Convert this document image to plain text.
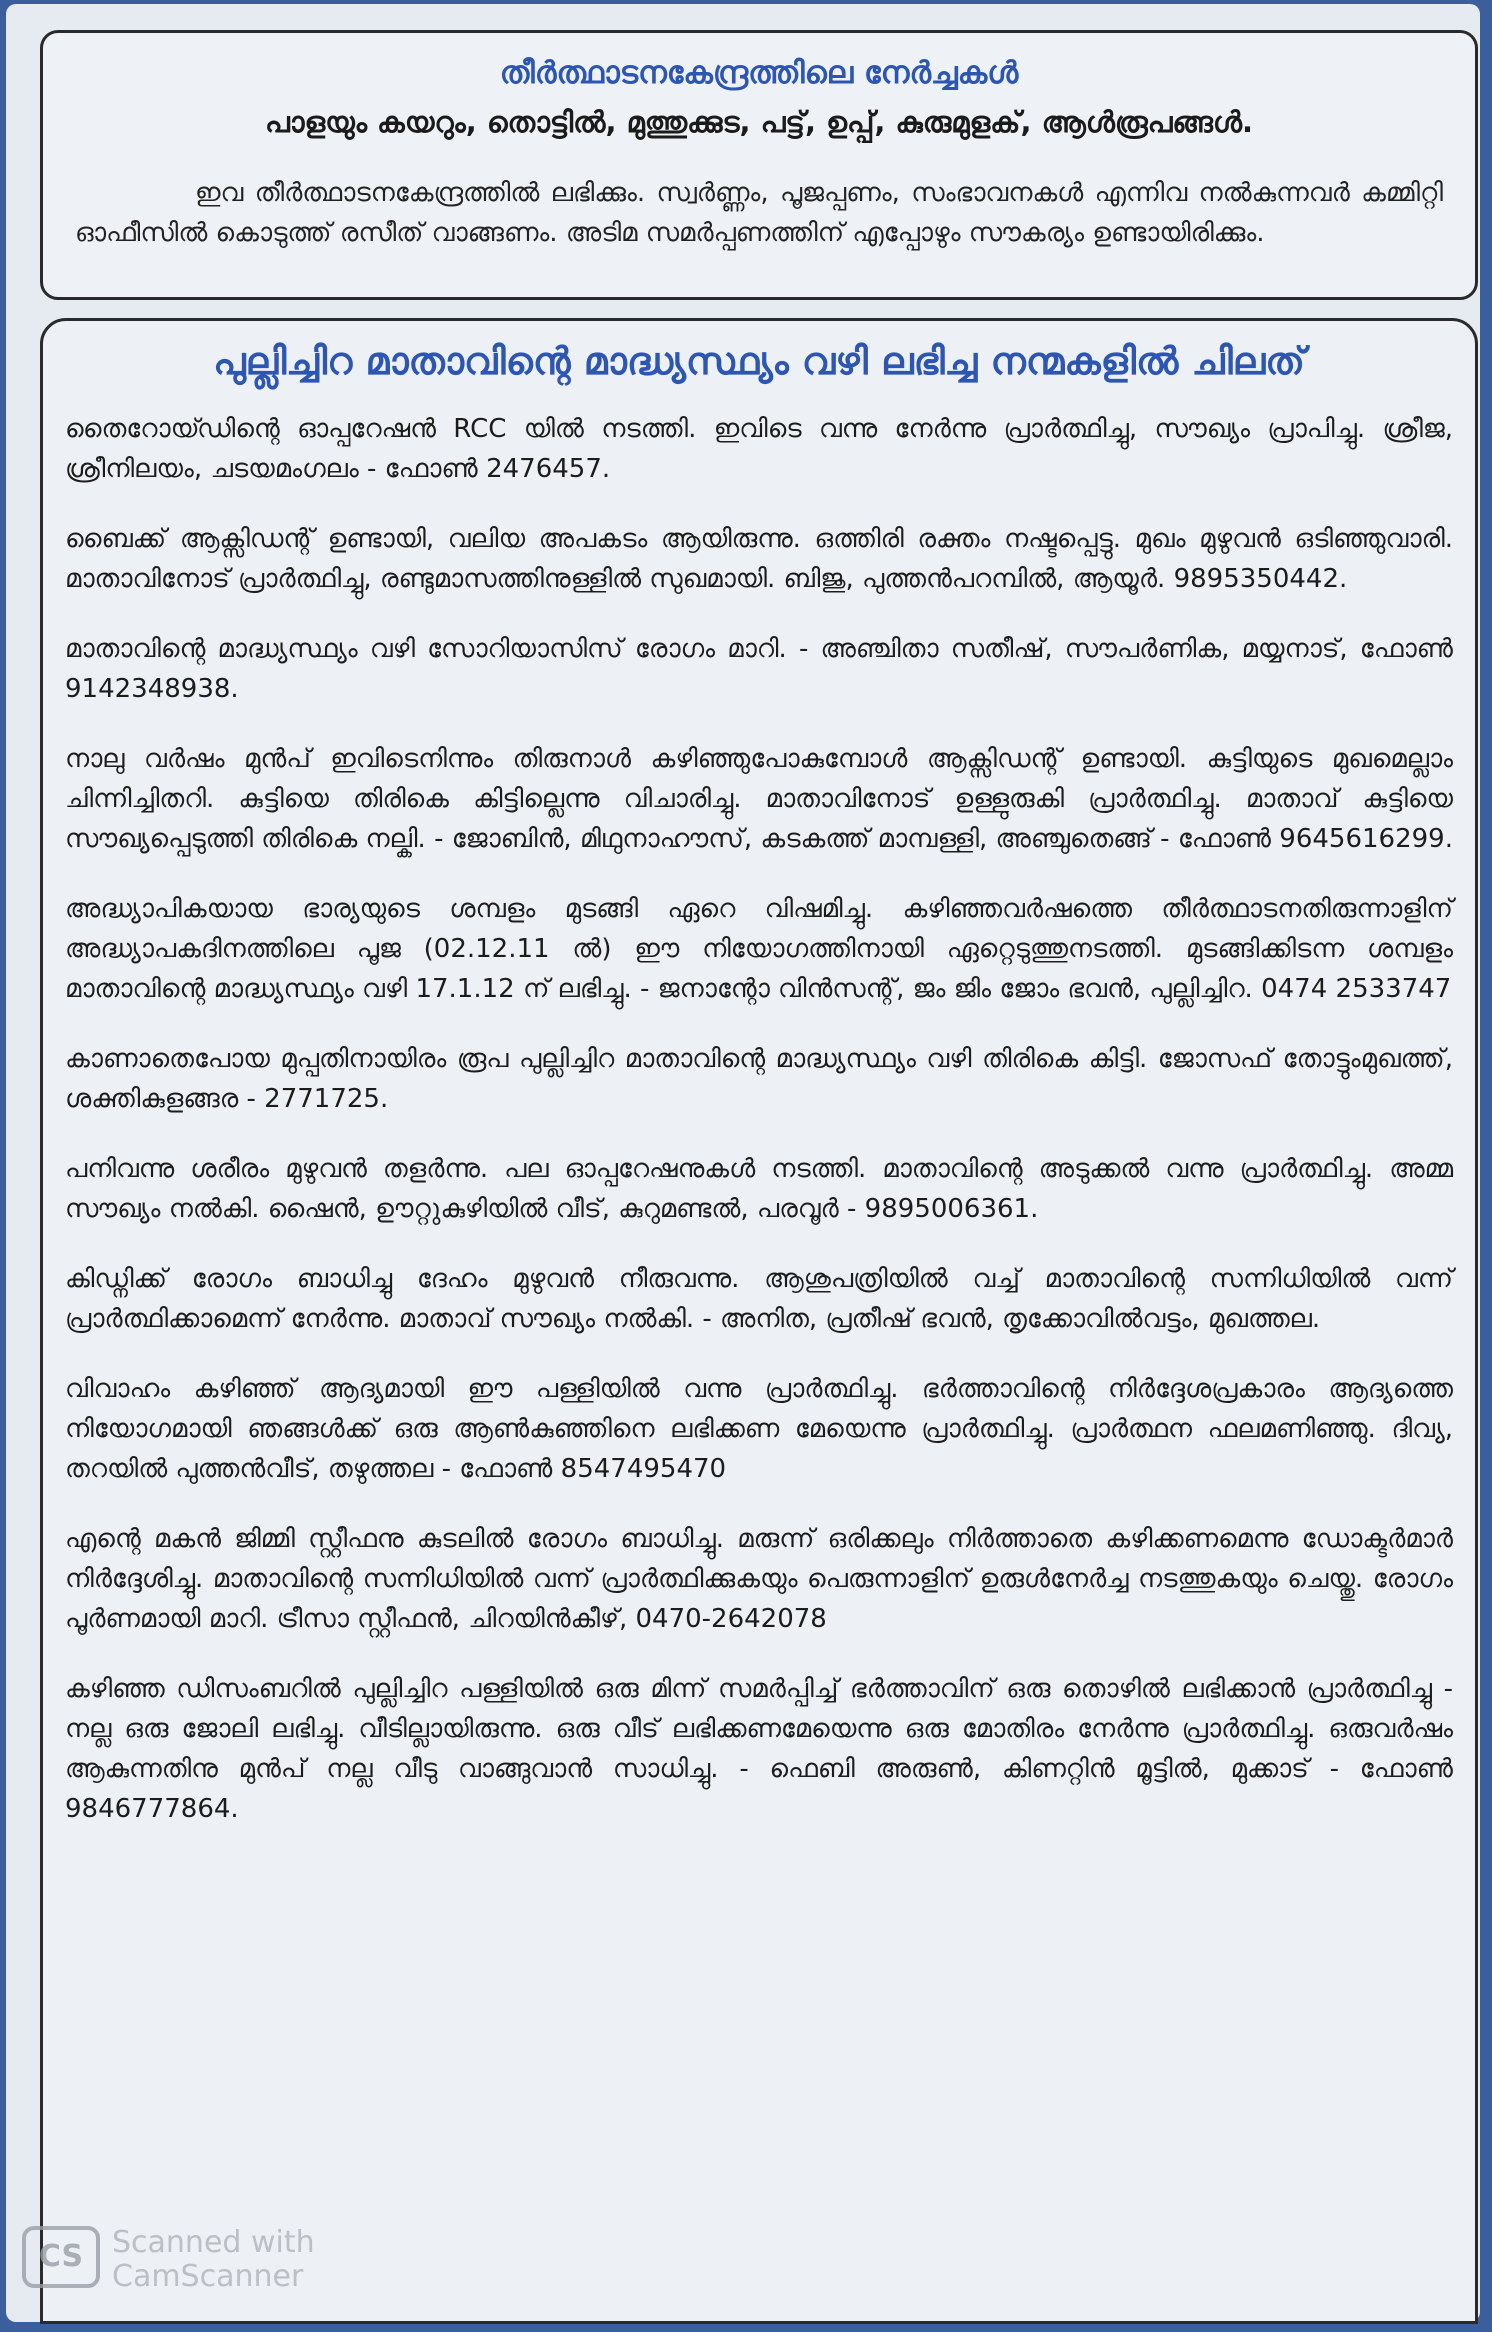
തീർത്ഥാടനകേന്ദ്രത്തിലെ നേർച്ചകൾ
പാളയും കയറും, തൊട്ടിൽ, മുത്തുക്കുട, പട്ട്, ഉപ്പ്, കുരുമുളക്, ആൾരൂപങ്ങൾ.
ഇവ തീർത്ഥാടനകേന്ദ്രത്തിൽ ലഭിക്കും. സ്വർണ്ണം, പൂജപ്പണം, സംഭാവനകൾ എന്നിവ നൽകുന്നവർ കമ്മിറ്റി ഓഫീസിൽ കൊടുത്ത് രസീത് വാങ്ങണം. അടിമ സമർപ്പണത്തിന് എപ്പോഴും സൗകര്യം ഉണ്ടായിരിക്കും.
പുല്ലിച്ചിറ മാതാവിന്റെ മാദ്ധ്യസ്ഥ്യം വഴി ലഭിച്ച നന്മകളിൽ ചിലത്

തൈറോയ്ഡിന്റെ ഓപ്പറേഷൻ RCC യിൽ നടത്തി. ഇവിടെ വന്നു നേർന്നു പ്രാർത്ഥിച്ചു, സൗഖ്യം പ്രാപിച്ചു. ശ്രീജ, ശ്രീനിലയം, ചടയമംഗലം - ഫോൺ 2476457.

ബൈക്ക് ആക്സിഡന്റ് ഉണ്ടായി, വലിയ അപകടം ആയിരുന്നു. ഒത്തിരി രക്തം നഷ്ടപ്പെട്ടു. മുഖം മുഴുവൻ ഒടിഞ്ഞുവാരി. മാതാവിനോട് പ്രാർത്ഥിച്ചു, രണ്ടുമാസത്തിനുള്ളിൽ സുഖമായി. ബിജു, പുത്തൻപറമ്പിൽ, ആയൂർ. 9895350442.

മാതാവിന്റെ മാദ്ധ്യസ്ഥ്യം വഴി സോറിയാസിസ് രോഗം മാറി. - അഞ്ചിതാ സതീഷ്, സൗപർണിക, മയ്യനാട്, ഫോൺ 9142348938.

നാലു വർഷം മുൻപ് ഇവിടെനിന്നും തിരുനാൾ കഴിഞ്ഞുപോകുമ്പോൾ ആക്സിഡന്റ് ഉണ്ടായി. കുട്ടിയുടെ മുഖമെല്ലാം ചിന്നിച്ചിതറി. കുട്ടിയെ തിരികെ കിട്ടില്ലെന്നു വിചാരിച്ചു. മാതാവിനോട് ഉള്ളുരുകി പ്രാർത്ഥിച്ചു. മാതാവ് കുട്ടിയെ സൗഖ്യപ്പെടുത്തി തിരികെ നല്കി. - ജോബിൻ, മിഥുനാഹൗസ്, കടകത്ത് മാമ്പള്ളി, അഞ്ചുതെങ്ങ് - ഫോൺ 9645616299.

അദ്ധ്യാപികയായ ഭാര്യയുടെ ശമ്പളം മുടങ്ങി ഏറെ വിഷമിച്ചു. കഴിഞ്ഞവർഷത്തെ തീർത്ഥാടനതിരുന്നാളിന് അദ്ധ്യാപകദിനത്തിലെ പൂജ (02.12.11 ൽ) ഈ നിയോഗത്തിനായി ഏറ്റെടുത്തുനടത്തി. മുടങ്ങിക്കിടന്ന ശമ്പളം മാതാവിന്റെ മാദ്ധ്യസ്ഥ്യം വഴി 17.1.12 ന് ലഭിച്ചു. - ജനാന്റോ വിൻസന്റ്, ജം ജിം ജോം ഭവൻ, പുല്ലിച്ചിറ. 0474 2533747

കാണാതെപോയ മുപ്പതിനായിരം രൂപ പുല്ലിച്ചിറ മാതാവിന്റെ മാദ്ധ്യസ്ഥ്യം വഴി തിരികെ കിട്ടി. ജോസഫ് തോട്ടുംമുഖത്ത്, ശക്തികുളങ്ങര - 2771725.

പനിവന്നു ശരീരം മുഴുവൻ തളർന്നു. പല ഓപ്പറേഷനുകൾ നടത്തി. മാതാവിന്റെ അടുക്കൽ വന്നു പ്രാർത്ഥിച്ചു. അമ്മ സൗഖ്യം നൽകി. ഷൈൻ, ഊറ്റുകുഴിയിൽ വീട്, കുറുമണ്ടൽ, പരവൂർ - 9895006361.

കിഡ്നിക്ക് രോഗം ബാധിച്ചു ദേഹം മുഴുവൻ നീരുവന്നു. ആശുപത്രിയിൽ വച്ച് മാതാവിന്റെ സന്നിധിയിൽ വന്ന് പ്രാർത്ഥിക്കാമെന്ന് നേർന്നു. മാതാവ് സൗഖ്യം നൽകി. - അനിത, പ്രതീഷ് ഭവൻ, തൃക്കോവിൽവട്ടം, മുഖത്തല.

വിവാഹം കഴിഞ്ഞ് ആദ്യമായി ഈ പള്ളിയിൽ വന്നു പ്രാർത്ഥിച്ചു. ഭർത്താവിന്റെ നിർദ്ദേശപ്രകാരം ആദ്യത്തെ നിയോഗമായി ഞങ്ങൾക്ക് ഒരു ആൺകുഞ്ഞിനെ ലഭിക്കണ മേയെന്നു പ്രാർത്ഥിച്ചു. പ്രാർത്ഥന ഫലമണിഞ്ഞു. ദിവ്യ, തറയിൽ പുത്തൻവീട്, തഴുത്തല - ഫോൺ 8547495470

എന്റെ മകൻ ജിമ്മി സ്റ്റീഫനു കുടലിൽ രോഗം ബാധിച്ചു. മരുന്ന് ഒരിക്കലും നിർത്താതെ കഴിക്കണമെന്നു ഡോക്ടർമാർ നിർദ്ദേശിച്ചു. മാതാവിന്റെ സന്നിധിയിൽ വന്ന് പ്രാർത്ഥിക്കുകയും പെരുന്നാളിന് ഉരുൾനേർച്ച നടത്തുകയും ചെയ്തു. രോഗം പൂർണമായി മാറി. ട്രീസാ സ്റ്റീഫൻ, ചിറയിൻകീഴ്, 0470-2642078

കഴിഞ്ഞ ഡിസംബറിൽ പുല്ലിച്ചിറ പള്ളിയിൽ ഒരു മിന്ന് സമർപ്പിച്ച് ഭർത്താവിന് ഒരു തൊഴിൽ ലഭിക്കാൻ പ്രാർത്ഥിച്ചു - നല്ല ഒരു ജോലി ലഭിച്ചു. വീടില്ലായിരുന്നു. ഒരു വീട് ലഭിക്കണമേയെന്നു ഒരു മോതിരം നേർന്നു പ്രാർത്ഥിച്ചു. ഒരുവർഷം ആകുന്നതിനു മുൻപ് നല്ല വീടു വാങ്ങുവാൻ സാധിച്ചു. - ഫെബി അരുൺ, കിണറ്റിൻ മൂട്ടിൽ, മുക്കാട് - ഫോൺ 9846777864.

CS Scanned with
CamScanner
